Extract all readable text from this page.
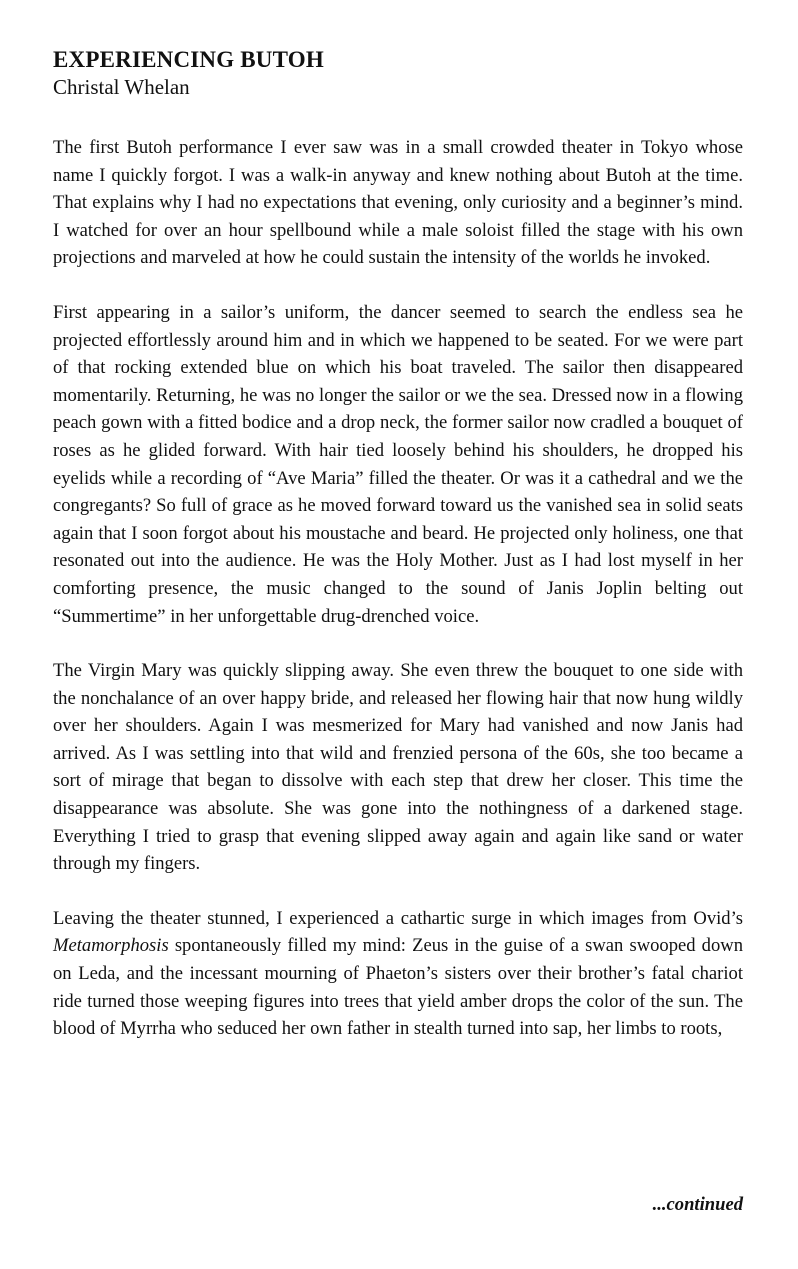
EXPERIENCING BUTOH
Christal Whelan

The first Butoh performance I ever saw was in a small crowded theater in Tokyo whose name I quickly forgot. I was a walk-in anyway and knew nothing about Butoh at the time. That explains why I had no expectations that evening, only curiosity and a beginner’s mind. I watched for over an hour spellbound while a male soloist filled the stage with his own projections and marveled at how he could sustain the intensity of the worlds he invoked.

First appearing in a sailor’s uniform, the dancer seemed to search the endless sea he projected effortlessly around him and in which we happened to be seated. For we were part of that rocking extended blue on which his boat traveled. The sailor then disappeared momentarily. Returning, he was no longer the sailor or we the sea. Dressed now in a flowing peach gown with a fitted bodice and a drop neck, the former sailor now cradled a bouquet of roses as he glided forward. With hair tied loosely behind his shoulders, he dropped his eyelids while a recording of “Ave Maria” filled the theater. Or was it a cathedral and we the congregants? So full of grace as he moved forward toward us the vanished sea in solid seats again that I soon forgot about his moustache and beard. He projected only holiness, one that resonated out into the audience. He was the Holy Mother. Just as I had lost myself in her comforting presence, the music changed to the sound of Janis Joplin belting out “Summertime” in her unforgettable drug-drenched voice.

The Virgin Mary was quickly slipping away. She even threw the bouquet to one side with the nonchalance of an over happy bride, and released her flowing hair that now hung wildly over her shoulders. Again I was mesmerized for Mary had vanished and now Janis had arrived. As I was settling into that wild and frenzied persona of the 60s, she too became a sort of mirage that began to dissolve with each step that drew her closer. This time the disappearance was absolute. She was gone into the nothingness of a darkened stage. Everything I tried to grasp that evening slipped away again and again like sand or water through my fingers.

Leaving the theater stunned, I experienced a cathartic surge in which images from Ovid’s Metamorphosis spontaneously filled my mind: Zeus in the guise of a swan swooped down on Leda, and the incessant mourning of Phaeton’s sisters over their brother’s fatal chariot ride turned those weeping figures into trees that yield amber drops the color of the sun. The blood of Myrrha who seduced her own father in stealth turned into sap, her limbs to roots,

...continued
